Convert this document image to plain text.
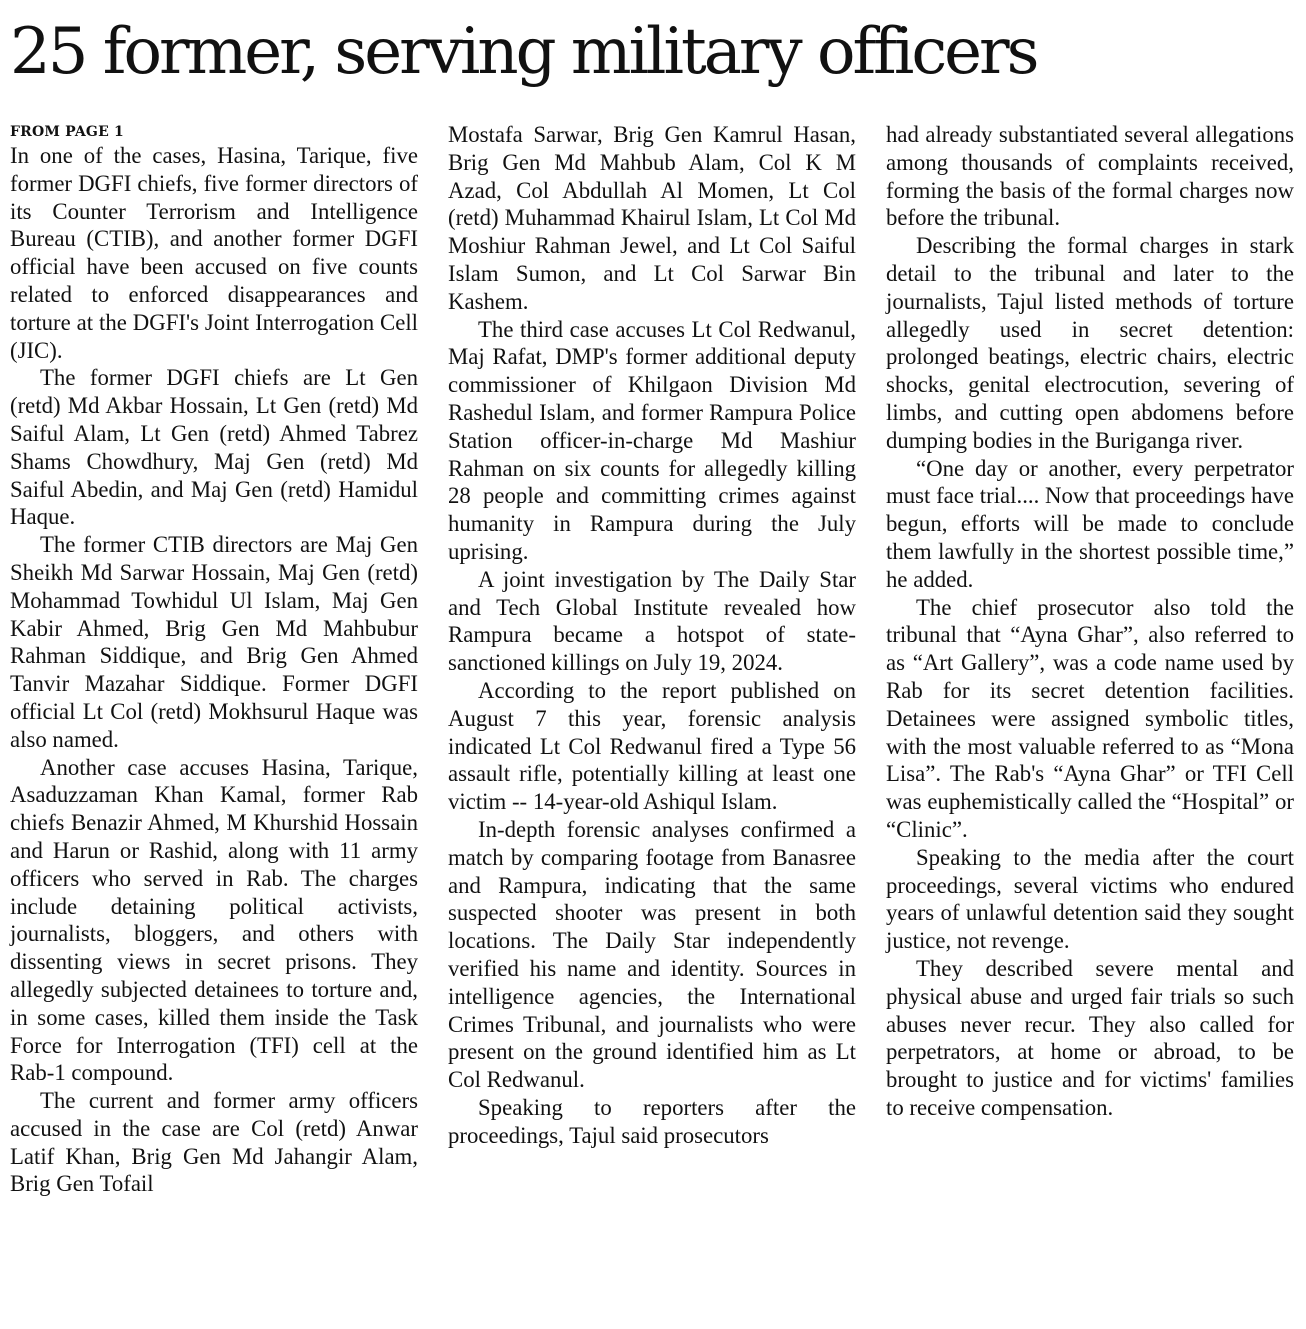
25 former, serving military officers
FROM PAGE 1

In one of the cases, Hasina, Tarique, five former DGFI chiefs, five former directors of its Counter Terrorism and Intelligence Bureau (CTIB), and another former DGFI official have been accused on five counts related to enforced disappearances and torture at the DGFI's Joint Interrogation Cell (JIC).

The former DGFI chiefs are Lt Gen (retd) Md Akbar Hossain, Lt Gen (retd) Md Saiful Alam, Lt Gen (retd) Ahmed Tabrez Shams Chowdhury, Maj Gen (retd) Md Saiful Abedin, and Maj Gen (retd) Hamidul Haque.

The former CTIB directors are Maj Gen Sheikh Md Sarwar Hossain, Maj Gen (retd) Mohammad Towhidul Ul Islam, Maj Gen Kabir Ahmed, Brig Gen Md Mahbubur Rahman Siddique, and Brig Gen Ahmed Tanvir Mazahar Siddique. Former DGFI official Lt Col (retd) Mokhsurul Haque was also named.

Another case accuses Hasina, Tarique, Asaduzzaman Khan Kamal, former Rab chiefs Benazir Ahmed, M Khurshid Hossain and Harun or Rashid, along with 11 army officers who served in Rab. The charges include detaining political activists, journalists, bloggers, and others with dissenting views in secret prisons. They allegedly subjected detainees to torture and, in some cases, killed them inside the Task Force for Interrogation (TFI) cell at the Rab-1 compound.

The current and former army officers accused in the case are Col (retd) Anwar Latif Khan, Brig Gen Md Jahangir Alam, Brig Gen Tofail

Mostafa Sarwar, Brig Gen Kamrul Hasan, Brig Gen Md Mahbub Alam, Col K M Azad, Col Abdullah Al Momen, Lt Col (retd) Muhammad Khairul Islam, Lt Col Md Moshiur Rahman Jewel, and Lt Col Saiful Islam Sumon, and Lt Col Sarwar Bin Kashem.

The third case accuses Lt Col Redwanul, Maj Rafat, DMP's former additional deputy commissioner of Khilgaon Division Md Rashedul Islam, and former Rampura Police Station officer-in-charge Md Mashiur Rahman on six counts for allegedly killing 28 people and committing crimes against humanity in Rampura during the July uprising.

A joint investigation by The Daily Star and Tech Global Institute revealed how Rampura became a hotspot of state-sanctioned killings on July 19, 2024.

According to the report published on August 7 this year, forensic analysis indicated Lt Col Redwanul fired a Type 56 assault rifle, potentially killing at least one victim -- 14-year-old Ashiqul Islam.

In-depth forensic analyses confirmed a match by comparing footage from Banasree and Rampura, indicating that the same suspected shooter was present in both locations. The Daily Star independently verified his name and identity. Sources in intelligence agencies, the International Crimes Tribunal, and journalists who were present on the ground identified him as Lt Col Redwanul.

Speaking to reporters after the proceedings, Tajul said prosecutors

had already substantiated several allegations among thousands of complaints received, forming the basis of the formal charges now before the tribunal.

Describing the formal charges in stark detail to the tribunal and later to the journalists, Tajul listed methods of torture allegedly used in secret detention: prolonged beatings, electric chairs, electric shocks, genital electrocution, severing of limbs, and cutting open abdomens before dumping bodies in the Buriganga river.

“One day or another, every perpetrator must face trial.... Now that proceedings have begun, efforts will be made to conclude them lawfully in the shortest possible time,” he added.

The chief prosecutor also told the tribunal that “Ayna Ghar”, also referred to as “Art Gallery”, was a code name used by Rab for its secret detention facilities. Detainees were assigned symbolic titles, with the most valuable referred to as “Mona Lisa”. The Rab's “Ayna Ghar” or TFI Cell was euphemistically called the “Hospital” or “Clinic”.

Speaking to the media after the court proceedings, several victims who endured years of unlawful detention said they sought justice, not revenge.

They described severe mental and physical abuse and urged fair trials so such abuses never recur. They also called for perpetrators, at home or abroad, to be brought to justice and for victims' families to receive compensation.
